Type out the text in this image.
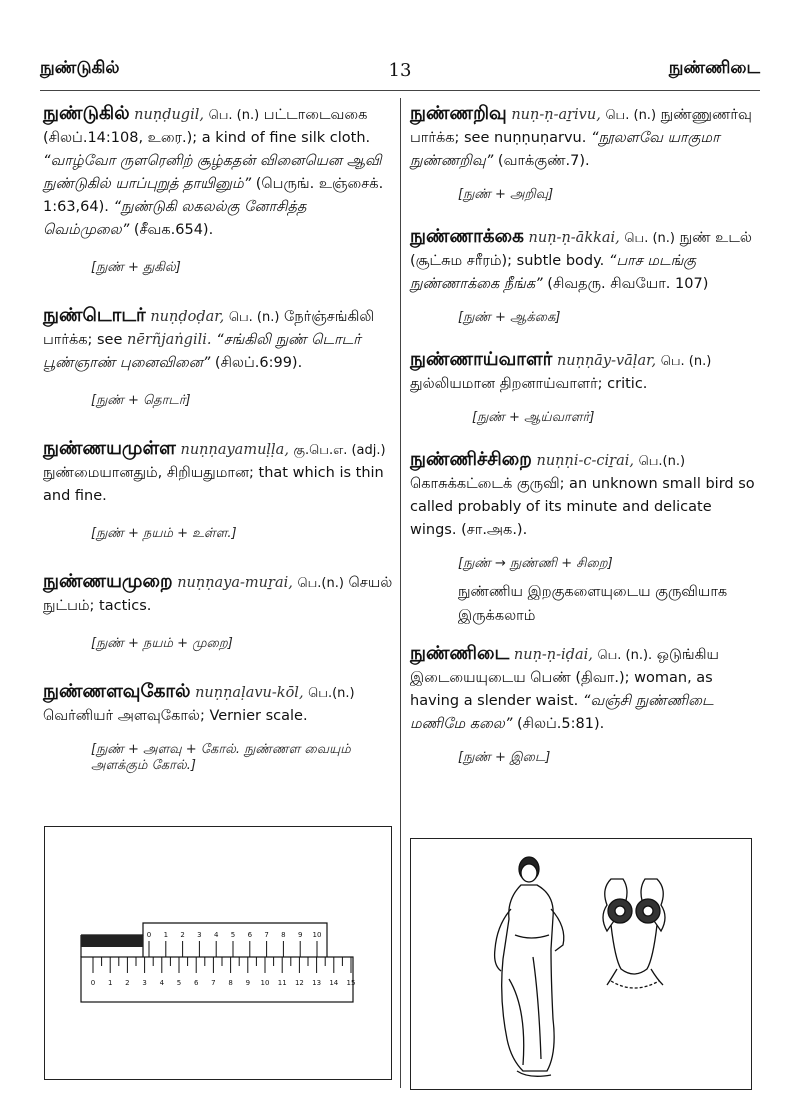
நுண்டுகில்	13	நுண்ணிடை
நுண்டுகில் nuṇḍugil, பெ. (n.) பட்டாடைவகை (சிலப்.14:108, உரை.); a kind of fine silk cloth. “வாழ்வோ ருளரெனிற் சூழ்கதன் வினையென ஆவி நுண்டுகில் யாப்புறுத் தாயினும்” (பெருங். உஞ்சைக். 1:63,64). “நுண்டுகி லகலல்கு னோசித்த வெம்முலை” (சீவக.654).
[நுண் + துகில்]
நுண்டொடர் nuṇḍoḍar, பெ. (n.) நேர்ஞ்சங்கிலி பார்க்க; see nērñjaṅgili. “சங்கிலி நுண் டொடர் பூண்ஞாண் புனைவினை” (சிலப்.6:99).
[நுண் + தொடர்]
நுண்ணயமுள்ள nuṇṇayamuḷḷa, கு.பெ.எ. (adj.) நுண்மையானதும், சிறியதுமான; that which is thin and fine.
[நுண் + நயம் + உள்ள.]
நுண்ணயமுறை nuṇṇaya-muṟai, பெ.(n.) செயல் நுட்பம்; tactics.
[நுண் + நயம் + முறை]
நுண்ணளவுகோல் nuṇṇaḷavu-kōl, பெ.(n.) வெர்னியர் அளவுகோல்; Vernier scale.
[நுண் + அளவு + கோல். நுண்ணள வையும் அளக்கும் கோல்.]
நுண்ணறிவு nuṇ-ṇ-aṟivu, பெ. (n.) நுண்ணுணர்வு பார்க்க; see nuṇṇuṇarvu. “நூலளவே யாகுமா நுண்ணறிவு” (வாக்குண்.7).
[நுண் + அறிவு]
நுண்ணாக்கை nuṇ-ṇ-ākkai, பெ. (n.) நுண் உடல் (சூட்சும சரீரம்); subtle body. “பாச மடங்கு நுண்ணாக்கை நீங்க” (சிவதரு. சிவயோ. 107)
[நுண் + ஆக்கை]
நுண்ணாய்வாளர் nuṇṇāy-vāḷar, பெ. (n.) துல்லியமான திறனாய்வாளர்; critic.
[நுண் + ஆய்வாளர்]
நுண்ணிச்சிறை nuṇṇi-c-ciṟai, பெ.(n.) கொசுக்கட்டைக் குருவி; an unknown small bird so called probably of its minute and delicate wings. (சா.அக.).
[நுண் → நுண்ணி + சிறை]
நுண்ணிய இறகுகளையுடைய குருவியாக இருக்கலாம்
நுண்ணிடை nuṇ-ṇ-iḍai, பெ. (n.). ஒடுங்கிய இடையையுடைய பெண் (திவா.); woman, as having a slender waist. “வஞ்சி நுண்ணிடை மணிமே கலை” (சிலப்.5:81).
[நுண் + இடை]
0 1 2 3 4 5 6 7 8 9 10
0 1 2 3 4 5 6 7 8 9 10 11 12 13 14 15
